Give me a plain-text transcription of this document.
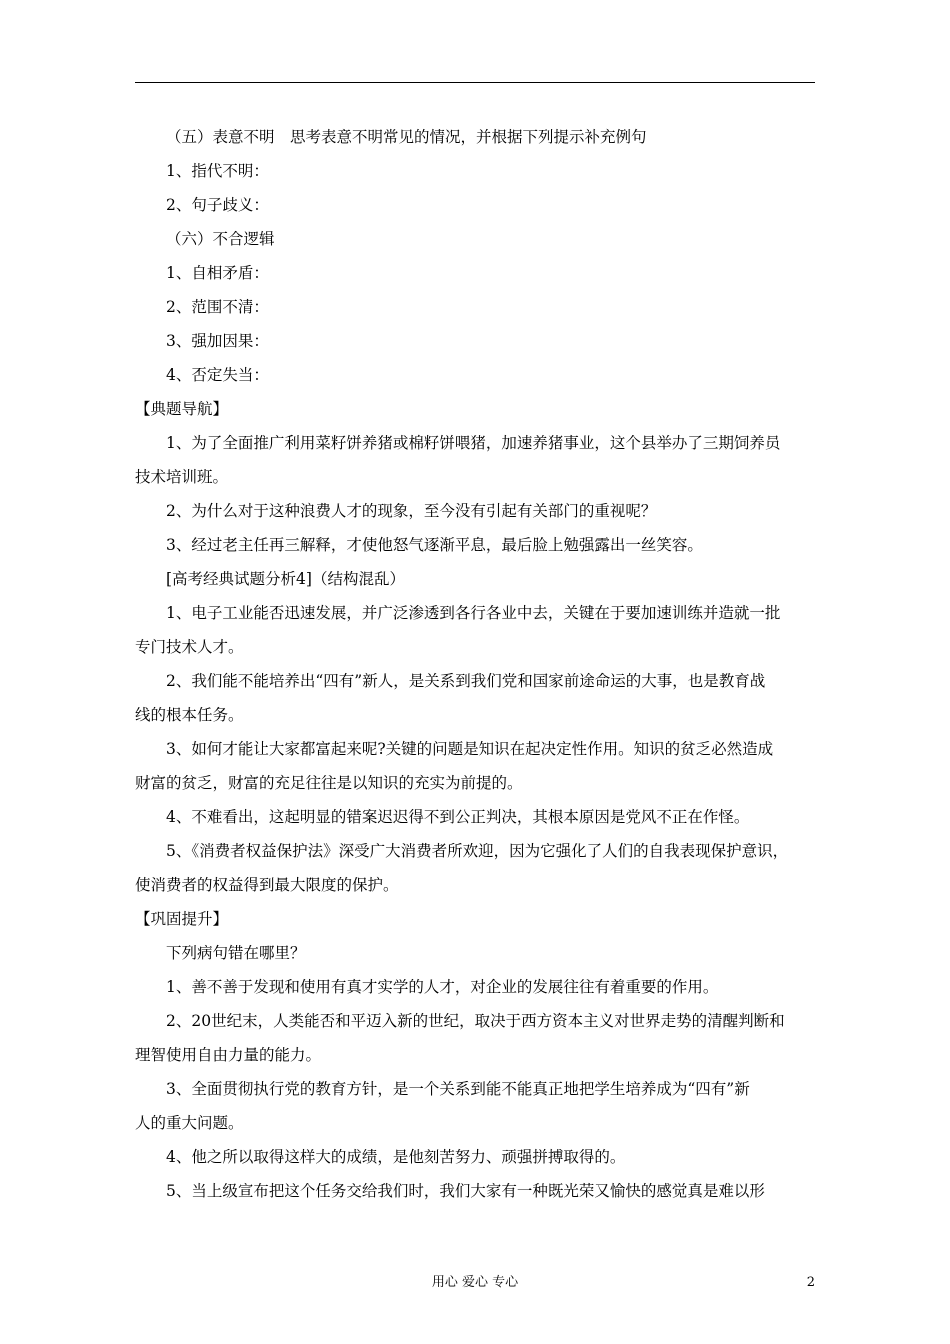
（五）表意不明　思考表意不明常见的情况，并根据下列提示补充例句
1、指代不明：
2、句子歧义：
（六）不合逻辑
1、自相矛盾：
2、范围不清：
3、强加因果：
4、否定失当：
【典题导航】
1、为了全面推广利用菜籽饼养猪或棉籽饼喂猪，加速养猪事业，这个县举办了三期饲养员
技术培训班。
2、为什么对于这种浪费人才的现象，至今没有引起有关部门的重视呢？
3、经过老主任再三解释，才使他怒气逐渐平息，最后脸上勉强露出一丝笑容。
[高考经典试题分析4]（结构混乱）
1、电子工业能否迅速发展，并广泛渗透到各行各业中去，关键在于要加速训练并造就一批
专门技术人才。
2、我们能不能培养出“四有”新人，是关系到我们党和国家前途命运的大事，也是教育战
线的根本任务。
3、如何才能让大家都富起来呢?关键的问题是知识在起决定性作用。知识的贫乏必然造成
财富的贫乏，财富的充足往往是以知识的充实为前提的。
4、不难看出，这起明显的错案迟迟得不到公正判决，其根本原因是党风不正在作怪。
5、《消费者权益保护法》深受广大消费者所欢迎，因为它强化了人们的自我表现保护意识，
使消费者的权益得到最大限度的保护。
【巩固提升】
下列病句错在哪里？
1、善不善于发现和使用有真才实学的人才，对企业的发展往往有着重要的作用。
2、20世纪末，人类能否和平迈入新的世纪，取决于西方资本主义对世界走势的清醒判断和
理智使用自由力量的能力。
3、全面贯彻执行党的教育方针，是一个关系到能不能真正地把学生培养成为“四有”新
人的重大问题。
4、他之所以取得这样大的成绩，是他刻苦努力、顽强拼搏取得的。
5、当上级宣布把这个任务交给我们时，我们大家有一种既光荣又愉快的感觉真是难以形
用心 爱心 专心	2
